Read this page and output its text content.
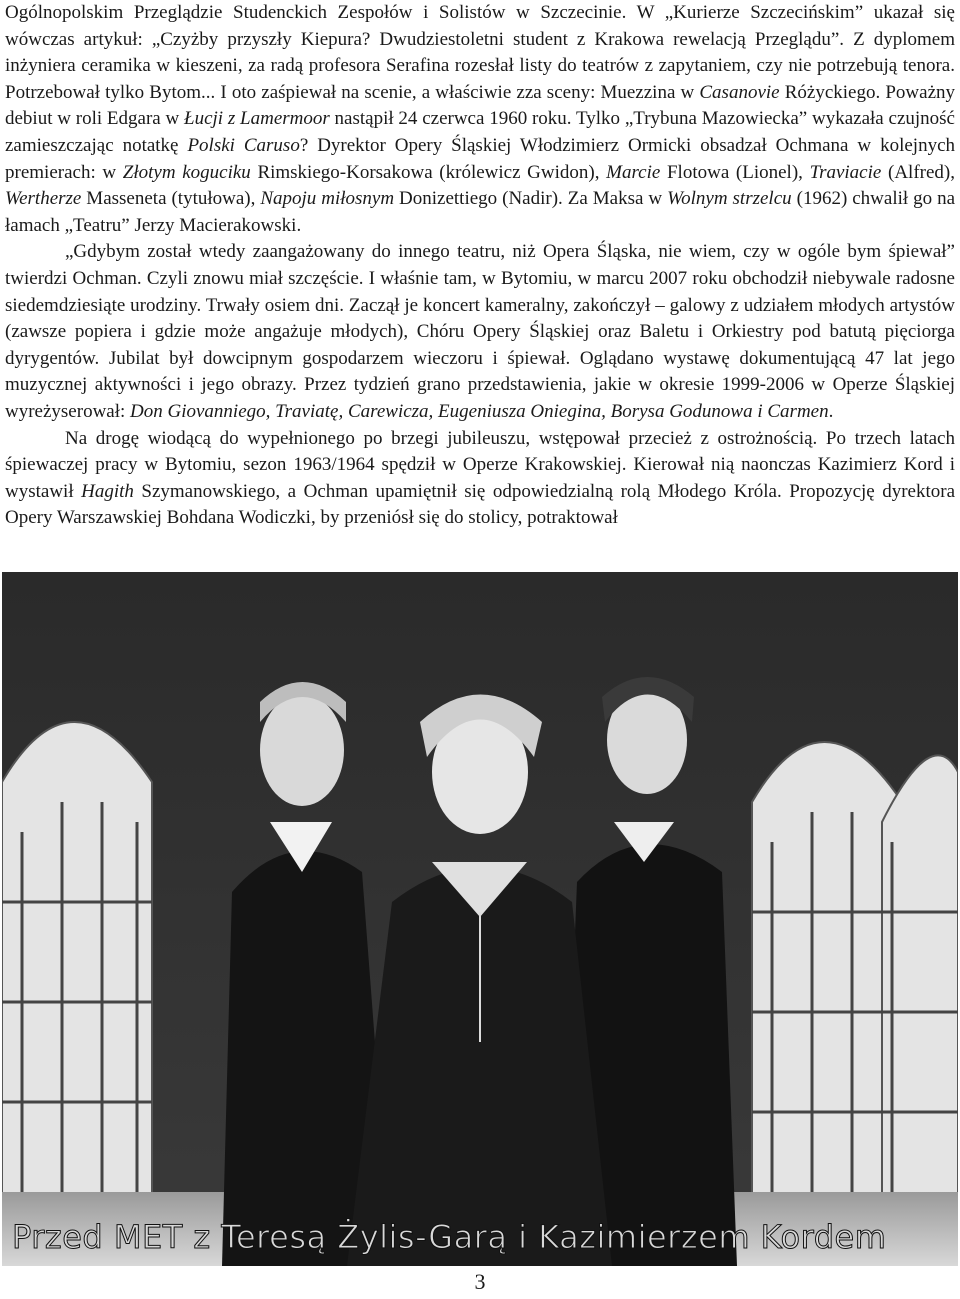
Ogólnopolskim Przeglądzie Studenckich Zespołów i Solistów w Szczecinie. W „Kurierze Szczecińskim” ukazał się wówczas artykuł: „Czyżby przyszły Kiepura? Dwudziestoletni student z Krakowa rewelacją Przeglądu”. Z dyplomem inżyniera ceramika w kieszeni, za radą profesora Serafina rozesłał listy do teatrów z zapytaniem, czy nie potrzebują tenora. Potrzebował tylko Bytom... I oto zaśpiewał na scenie, a właściwie zza sceny: Muezzina w Casanovie Różyckiego. Poważny debiut w roli Edgara w Łucji z Lamermoor nastąpił 24 czerwca 1960 roku. Tylko „Trybuna Mazowiecka” wykazała czujność zamieszczając notatkę Polski Caruso? Dyrektor Opery Śląskiej Włodzimierz Ormicki obsadzał Ochmana w kolejnych premierach: w Złotym koguciku Rimskiego-Korsakowa (królewicz Gwidon), Marcie Flotowa (Lionel), Traviacie (Alfred), Wertherze Masseneta (tytułowa), Napoju miłosnym Donizettiego (Nadir). Za Maksa w Wolnym strzelcu (1962) chwalił go na łamach „Teatru” Jerzy Macierakowski.

„Gdybym został wtedy zaangażowany do innego teatru, niż Opera Śląska, nie wiem, czy w ogóle bym śpiewał” twierdzi Ochman. Czyli znowu miał szczęście. I właśnie tam, w Bytomiu, w marcu 2007 roku obchodził niebywale radosne siedemdziesiąte urodziny. Trwały osiem dni. Zaczął je koncert kameralny, zakończył – galowy z udziałem młodych artystów (zawsze popiera i gdzie może angażuje młodych), Chóru Opery Śląskiej oraz Baletu i Orkiestry pod batutą pięciorga dyrygentów. Jubilat był dowcipnym gospodarzem wieczoru i śpiewał. Oglądano wystawę dokumentującą 47 lat jego muzycznej aktywności i jego obrazy. Przez tydzień grano przedstawienia, jakie w okresie 1999-2006 w Operze Śląskiej wyreżyserował: Don Giovanniego, Traviatę, Carewicza, Eugeniusza Oniegina, Borysa Godunowa i Carmen.

Na drogę wiodącą do wypełnionego po brzegi jubileuszu, wstępował przecież z ostrożnością. Po trzech latach śpiewaczej pracy w Bytomiu, sezon 1963/1964 spędził w Operze Krakowskiej. Kierował nią naonczas Kazimierz Kord i wystawił Hagith Szymanowskiego, a Ochman upamiętnił się odpowiedzialną rolą Młodego Króla. Propozycję dyrektora Opery Warszawskiej Bohdana Wodiczki, by przeniósł się do stolicy, potraktował

Przed MET z Teresą Żylis-Garą i Kazimierzem Kordem
3
